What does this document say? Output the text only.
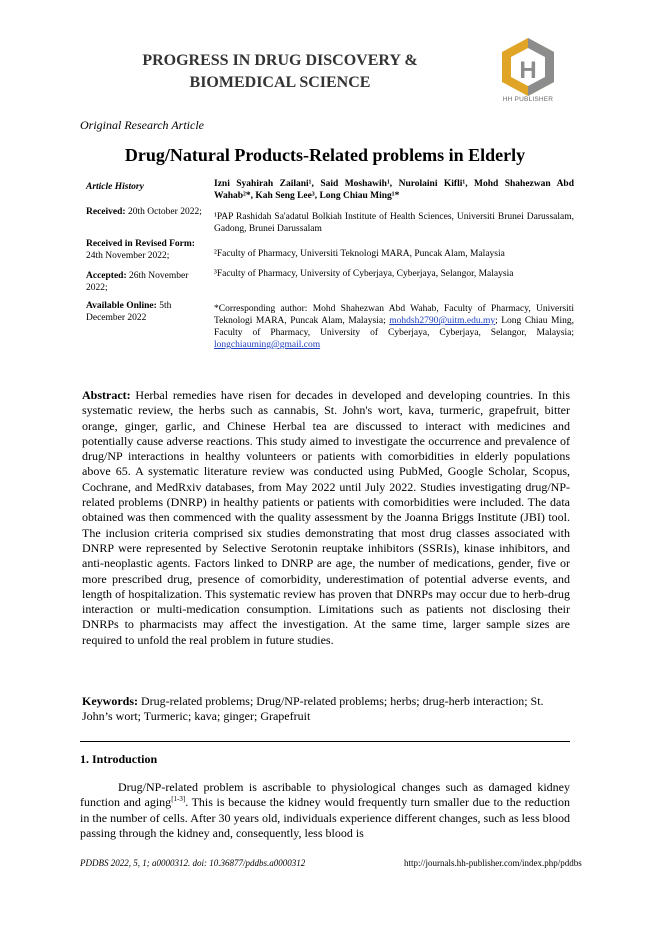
PROGRESS IN DRUG DISCOVERY &
BIOMEDICAL SCIENCE	H
HH PUBLISHER
Original Research Article
Drug/Natural Products-Related problems in Elderly
Article History
Received: 20th October 2022;
Received in Revised Form: 24th November 2022;
Accepted: 26th November 2022;
Available Online: 5th December 2022
Izni Syahirah Zailani¹, Said Moshawih¹, Nurolaini Kifli¹, Mohd Shahezwan Abd Wahab²*, Kah Seng Lee³, Long Chiau Ming¹*
¹PAP Rashidah Sa'adatul Bolkiah Institute of Health Sciences, Universiti Brunei Darussalam, Gadong, Brunei Darussalam
²Faculty of Pharmacy, Universiti Teknologi MARA, Puncak Alam, Malaysia
³Faculty of Pharmacy, University of Cyberjaya, Cyberjaya, Selangor, Malaysia
*Corresponding author: Mohd Shahezwan Abd Wahab, Faculty of Pharmacy, Universiti Teknologi MARA, Puncak Alam, Malaysia; mohdsh2790@uitm.edu.my; Long Chiau Ming, Faculty of Pharmacy, University of Cyberjaya, Cyberjaya, Selangor, Malaysia; longchiauming@gmail.com
Abstract: Herbal remedies have risen for decades in developed and developing countries. In this systematic review, the herbs such as cannabis, St. John's wort, kava, turmeric, grapefruit, bitter orange, ginger, garlic, and Chinese Herbal tea are discussed to interact with medicines and potentially cause adverse reactions. This study aimed to investigate the occurrence and prevalence of drug/NP interactions in healthy volunteers or patients with comorbidities in elderly populations above 65. A systematic literature review was conducted using PubMed, Google Scholar, Scopus, Cochrane, and MedRxiv databases, from May 2022 until July 2022. Studies investigating drug/NP-related problems (DNRP) in healthy patients or patients with comorbidities were included. The data obtained was then commenced with the quality assessment by the Joanna Briggs Institute (JBI) tool. The inclusion criteria comprised six studies demonstrating that most drug classes associated with DNRP were represented by Selective Serotonin reuptake inhibitors (SSRIs), kinase inhibitors, and anti-neoplastic agents. Factors linked to DNRP are age, the number of medications, gender, five or more prescribed drug, presence of comorbidity, underestimation of potential adverse events, and length of hospitalization. This systematic review has proven that DNRPs may occur due to herb-drug interaction or multi-medication consumption. Limitations such as patients not disclosing their DNRPs to pharmacists may affect the investigation. At the same time, larger sample sizes are required to unfold the real problem in future studies.
Keywords: Drug-related problems; Drug/NP-related problems; herbs; drug-herb interaction; St. John’s wort; Turmeric; kava; ginger; Grapefruit
1. Introduction
Drug/NP-related problem is ascribable to physiological changes such as damaged kidney function and aging[1-3]. This is because the kidney would frequently turn smaller due to the reduction in the number of cells. After 30 years old, individuals experience different changes, such as less blood passing through the kidney and, consequently, less blood is
PDDBS 2022, 5, 1; a0000312. doi: 10.36877/pddbs.a0000312	http://journals.hh-publisher.com/index.php/pddbs
